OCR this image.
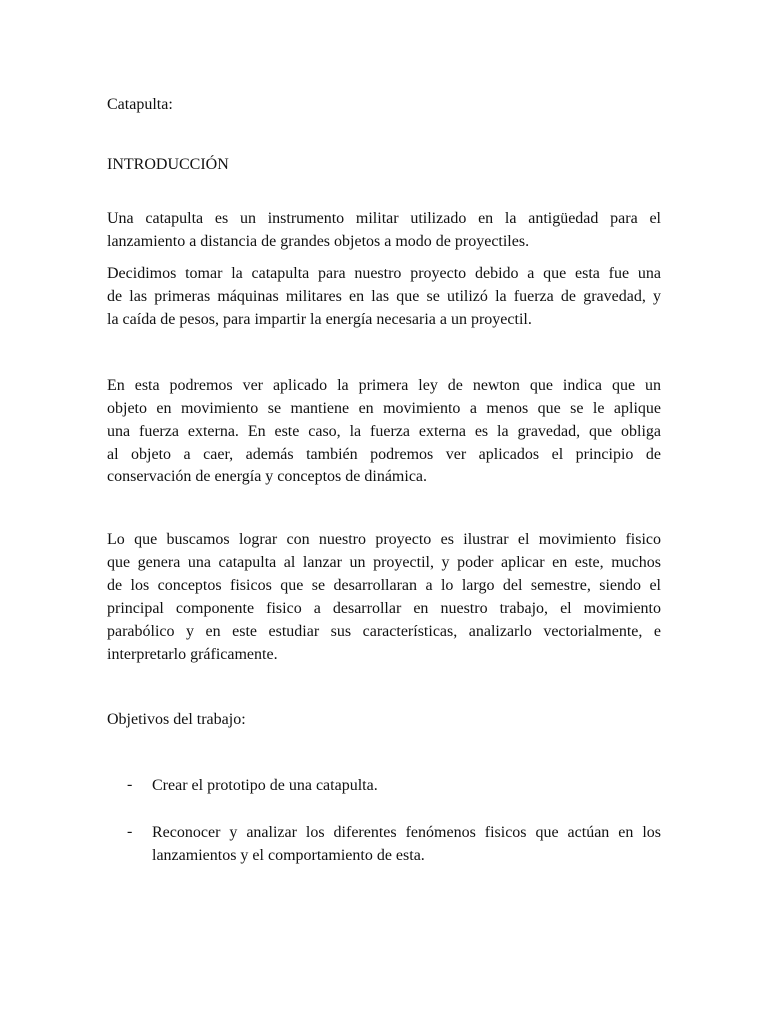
Catapulta:
INTRODUCCIÓN
Una catapulta es un instrumento militar utilizado en la antigüedad para el
lanzamiento a distancia de grandes objetos a modo de proyectiles.
Decidimos tomar la catapulta para nuestro proyecto debido a que esta fue una
de las primeras máquinas militares en las que se utilizó la fuerza de gravedad, y
la caída de pesos, para impartir la energía necesaria a un proyectil.
En esta podremos ver aplicado la primera ley de newton que indica que un
objeto en movimiento se mantiene en movimiento a menos que se le aplique
una fuerza externa. En este caso, la fuerza externa es la gravedad, que obliga
al objeto a caer, además también podremos ver aplicados el principio de
conservación de energía y conceptos de dinámica.
Lo que buscamos lograr con nuestro proyecto es ilustrar el movimiento fisico
que genera una catapulta al lanzar un proyectil, y poder aplicar en este, muchos
de los conceptos fisicos que se desarrollaran a lo largo del semestre, siendo el
principal componente fisico a desarrollar en nuestro trabajo, el movimiento
parabólico y en este estudiar sus características, analizarlo vectorialmente, e
interpretarlo gráficamente.
Objetivos del trabajo:
- Crear el prototipo de una catapulta.
- Reconocer y analizar los diferentes fenómenos fisicos que actúan en los
lanzamientos y el comportamiento de esta.
